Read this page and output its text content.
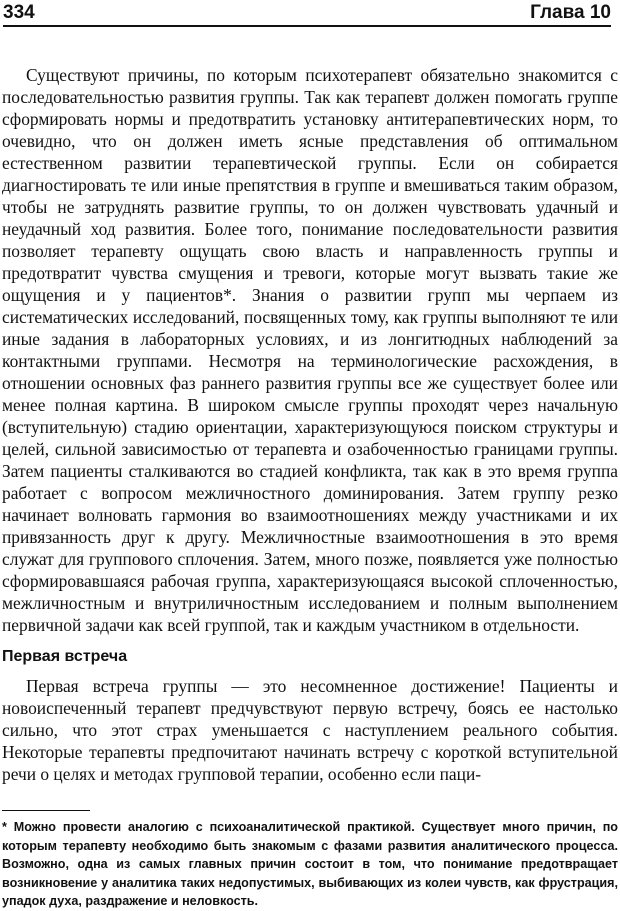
334	Глава 10

Существуют причины, по которым психотерапевт обязательно знакомится с последовательностью развития группы. Так как терапевт должен помогать группе сформировать нормы и предотвратить установку антитерапевтических норм, то очевидно, что он должен иметь ясные представления об оптимальном естественном развитии терапевтической группы. Если он собирается диагностировать те или иные препятствия в группе и вмешиваться таким образом, чтобы не затруднять развитие группы, то он должен чувствовать удачный и неудачный ход развития. Более того, понимание последовательности развития позволяет терапевту ощущать свою власть и направленность группы и предотвратит чувства смущения и тревоги, которые могут вызвать такие же ощущения и у пациентов*. Знания о развитии групп мы черпаем из систематических исследований, посвященных тому, как группы выполняют те или иные задания в лабораторных условиях, и из лонгитюдных наблюдений за контактными группами. Несмотря на терминологические расхождения, в отношении основных фаз раннего развития группы все же существует более или менее полная картина. В широком смысле группы проходят через начальную (вступительную) стадию ориентации, характеризующуюся поиском структуры и целей, сильной зависимостью от терапевта и озабоченностью границами группы. Затем пациенты сталкиваются во стадией конфликта, так как в это время группа работает с вопросом межличностного доминирования. Затем группу резко начинает волновать гармония во взаимоотношениях между участниками и их привязанность друг к другу. Межличностные взаимоотношения в это время служат для группового сплочения. Затем, много позже, появляется уже полностью сформировавшаяся рабочая группа, характеризующаяся высокой сплоченностью, межличностным и внутриличностным исследованием и полным выполнением первичной задачи как всей группой, так и каждым участником в отдельности.

Первая встреча

Первая встреча группы — это несомненное достижение! Пациенты и новоиспеченный терапевт предчувствуют первую встречу, боясь ее настолько сильно, что этот страх уменьшается с наступлением реального события. Некоторые терапевты предпочитают начинать встречу с короткой вступительной речи о целях и методах групповой терапии, особенно если паци-

* Можно провести аналогию с психоаналитической практикой. Существует много причин, по которым терапевту необходимо быть знакомым с фазами развития аналитического процесса. Возможно, одна из самых главных причин состоит в том, что понимание предотвращает возникновение у аналитика таких недопустимых, выбивающих из колеи чувств, как фрустрация, упадок духа, раздражение и неловкость.
